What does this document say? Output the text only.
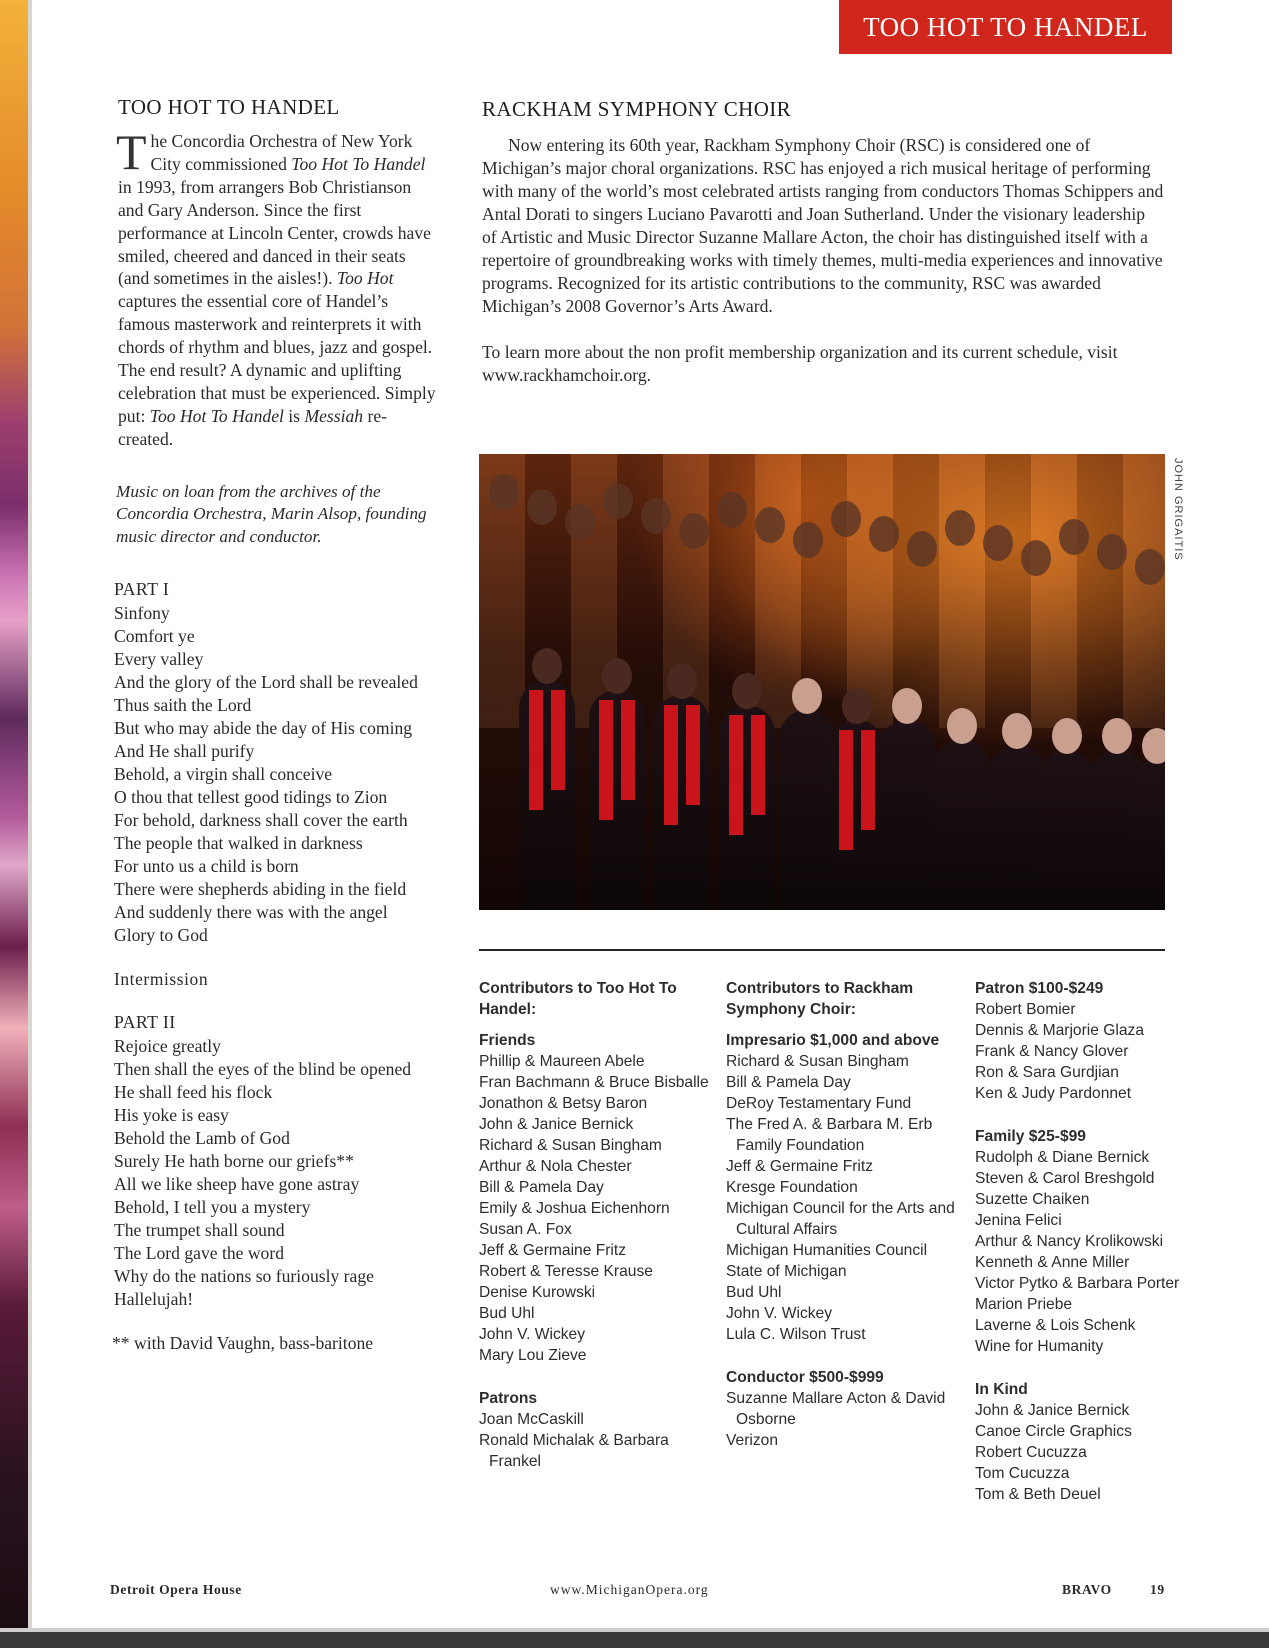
TOO HOT TO HANDEL
TOO HOT TO HANDEL

T he Concordia Orchestra of New York City commissioned Too Hot To Handel in 1993, from arrangers Bob Christianson and Gary Anderson. Since the first performance at Lincoln Center, crowds have smiled, cheered and danced in their seats (and sometimes in the aisles!). Too Hot captures the essential core of Handel’s famous masterwork and reinterprets it with chords of rhythm and blues, jazz and gospel. The end result? A dynamic and uplifting celebration that must be experienced. Simply put: Too Hot To Handel is Messiah re-created.

Music on loan from the archives of the Concordia Orchestra, Marin Alsop, founding music director and conductor.

PART I
Sinfony
Comfort ye
Every valley
And the glory of the Lord shall be revealed
Thus saith the Lord
But who may abide the day of His coming
And He shall purify
Behold, a virgin shall conceive
O thou that tellest good tidings to Zion
For behold, darkness shall cover the earth
The people that walked in darkness
For unto us a child is born
There were shepherds abiding in the field
And suddenly there was with the angel
Glory to God
Intermission
PART II
Rejoice greatly
Then shall the eyes of the blind be opened
He shall feed his flock
His yoke is easy
Behold the Lamb of God
Surely He hath borne our griefs**
All we like sheep have gone astray
Behold, I tell you a mystery
The trumpet shall sound
The Lord gave the word
Why do the nations so furiously rage
Hallelujah!
** with David Vaughn, bass-baritone
RACKHAM SYMPHONY CHOIR

Now entering its 60th year, Rackham Symphony Choir (RSC) is considered one of Michigan’s major choral organizations. RSC has enjoyed a rich musical heritage of performing with many of the world’s most celebrated artists ranging from conductors Thomas Schippers and Antal Dorati to singers Luciano Pavarotti and Joan Sutherland. Under the visionary leadership of Artistic and Music Director Suzanne Mallare Acton, the choir has distinguished itself with a repertoire of groundbreaking works with timely themes, multi-media experiences and innovative programs. Recognized for its artistic contributions to the community, RSC was awarded Michigan’s 2008 Governor’s Arts Award.

To learn more about the non profit membership organization and its current schedule, visit www.rackhamchoir.org.

JOHN GRIGAITIS
Contributors to Too Hot To Handel:
Friends
Phillip & Maureen Abele
Fran Bachmann & Bruce Bisballe
Jonathon & Betsy Baron
John & Janice Bernick
Richard & Susan Bingham
Arthur & Nola Chester
Bill & Pamela Day
Emily & Joshua Eichenhorn
Susan A. Fox
Jeff & Germaine Fritz
Robert & Teresse Krause
Denise Kurowski
Bud Uhl
John V. Wickey
Mary Lou Zieve
Patrons
Joan McCaskill
Ronald Michalak & Barbara Frankel
Contributors to Rackham Symphony Choir:
Impresario $1,000 and above
Richard & Susan Bingham
Bill & Pamela Day
DeRoy Testamentary Fund
The Fred A. & Barbara M. Erb Family Foundation
Jeff & Germaine Fritz
Kresge Foundation
Michigan Council for the Arts and Cultural Affairs
Michigan Humanities Council
State of Michigan
Bud Uhl
John V. Wickey
Lula C. Wilson Trust
Conductor $500-$999
Suzanne Mallare Acton & David Osborne
Verizon
Patron $100-$249
Robert Bomier
Dennis & Marjorie Glaza
Frank & Nancy Glover
Ron & Sara Gurdjian
Ken & Judy Pardonnet
Family $25-$99
Rudolph & Diane Bernick
Steven & Carol Breshgold
Suzette Chaiken
Jenina Felici
Arthur & Nancy Krolikowski
Kenneth & Anne Miller
Victor Pytko & Barbara Porter
Marion Priebe
Laverne & Lois Schenk
Wine for Humanity
In Kind
John & Janice Bernick
Canoe Circle Graphics
Robert Cucuzza
Tom Cucuzza
Tom & Beth Deuel
Detroit Opera House	www.MichiganOpera.org	BRAVO	19
